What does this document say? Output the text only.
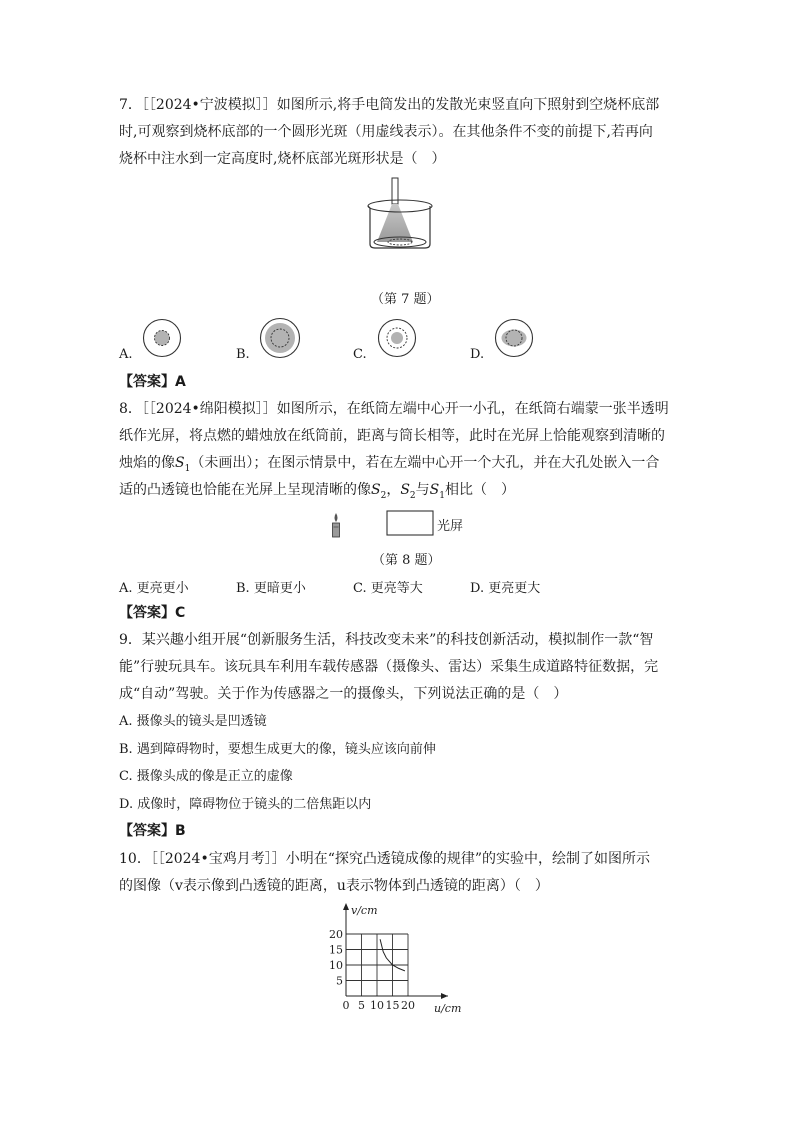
7．［［2024•宁波模拟］］如图所示,将手电筒发出的发散光束竖直向下照射到空烧杯底部
时,可观察到烧杯底部的一个圆形光斑（用虚线表示）。在其他条件不变的前提下,若再向
烧杯中注水到一定高度时,烧杯底部光斑形状是（　）
（第 7 题）
A.	B.	C.	D.
【答案】A
8．［［2024•绵阳模拟］］如图所示，在纸筒左端中心开一小孔，在纸筒右端蒙一张半透明
纸作光屏，将点燃的蜡烛放在纸筒前，距离与筒长相等，此时在光屏上恰能观察到清晰的
烛焰的像$S_1$（未画出）；在图示情景中，若在左端中心开一个大孔，并在大孔处嵌入一合
适的凸透镜也恰能在光屏上呈现清晰的像$S_2$，$S_2$与$S_1$相比（　）
光屏
（第 8 题）
A. 更亮更小	B. 更暗更小	C. 更亮等大	D. 更亮更大
【答案】C
9．某兴趣小组开展“创新服务生活，科技改变未来”的科技创新活动，模拟制作一款“智
能”行驶玩具车。该玩具车利用车载传感器（摄像头、雷达）采集生成道路特征数据，完
成“自动”驾驶。关于作为传感器之一的摄像头，下列说法正确的是（　）
A. 摄像头的镜头是凹透镜
B. 遇到障碍物时，要想生成更大的像，镜头应该向前伸
C. 摄像头成的像是正立的虚像
D. 成像时，障碍物位于镜头的二倍焦距以内
【答案】B
10．［［2024•宝鸡月考］］小明在“探究凸透镜成像的规律”的实验中，绘制了如图所示
的图像（v表示像到凸透镜的距离，u表示物体到凸透镜的距离）（　）
0 5 10 15 20
5
10
15
20
v/cm
u/cm
